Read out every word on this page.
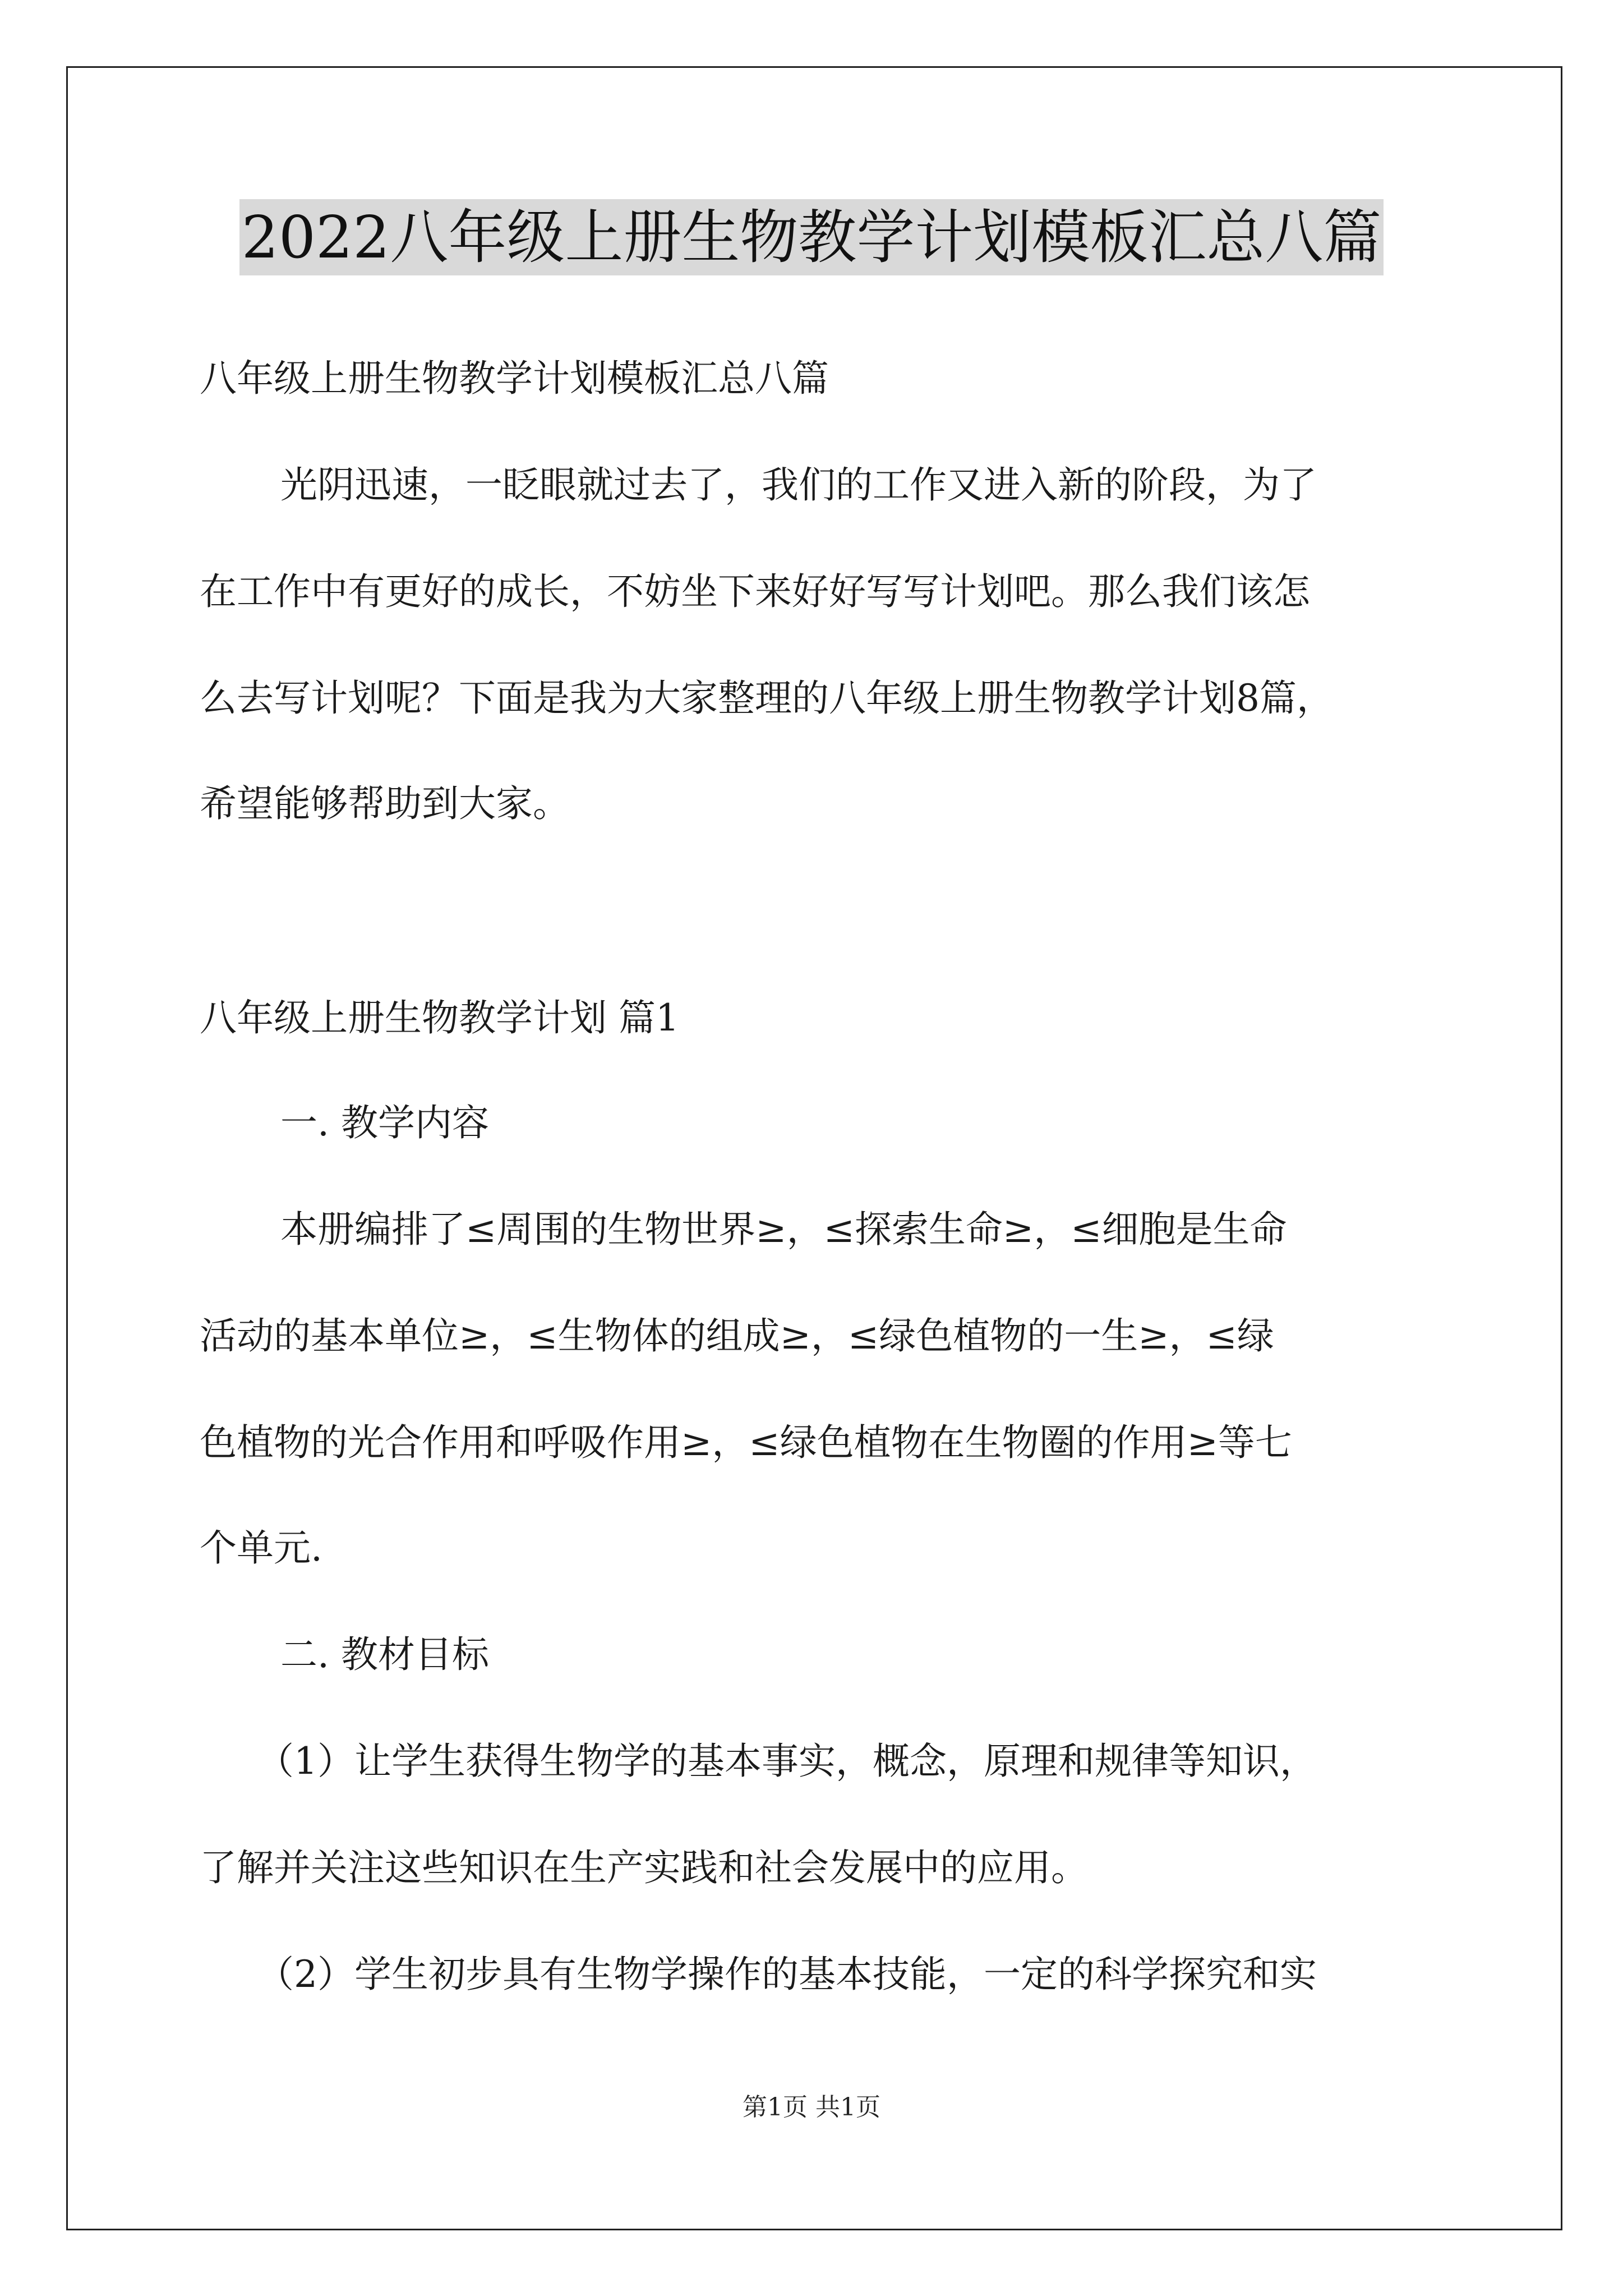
2022八年级上册生物教学计划模板汇总八篇
八年级上册生物教学计划模板汇总八篇
光阴迅速，一眨眼就过去了，我们的工作又进入新的阶段，为了
在工作中有更好的成长，不妨坐下来好好写写计划吧。那么我们该怎
么去写计划呢？下面是我为大家整理的八年级上册生物教学计划8篇，
希望能够帮助到大家。
八年级上册生物教学计划 篇1
一. 教学内容
本册编排了≤周围的生物世界≥，≤探索生命≥，≤细胞是生命
活动的基本单位≥，≤生物体的组成≥，≤绿色植物的一生≥，≤绿
色植物的光合作用和呼吸作用≥，≤绿色植物在生物圈的作用≥等七
个单元.
二. 教材目标
（1）让学生获得生物学的基本事实，概念，原理和规律等知识，
了解并关注这些知识在生产实践和社会发展中的应用。
（2）学生初步具有生物学操作的基本技能，一定的科学探究和实
第1页 共1页
